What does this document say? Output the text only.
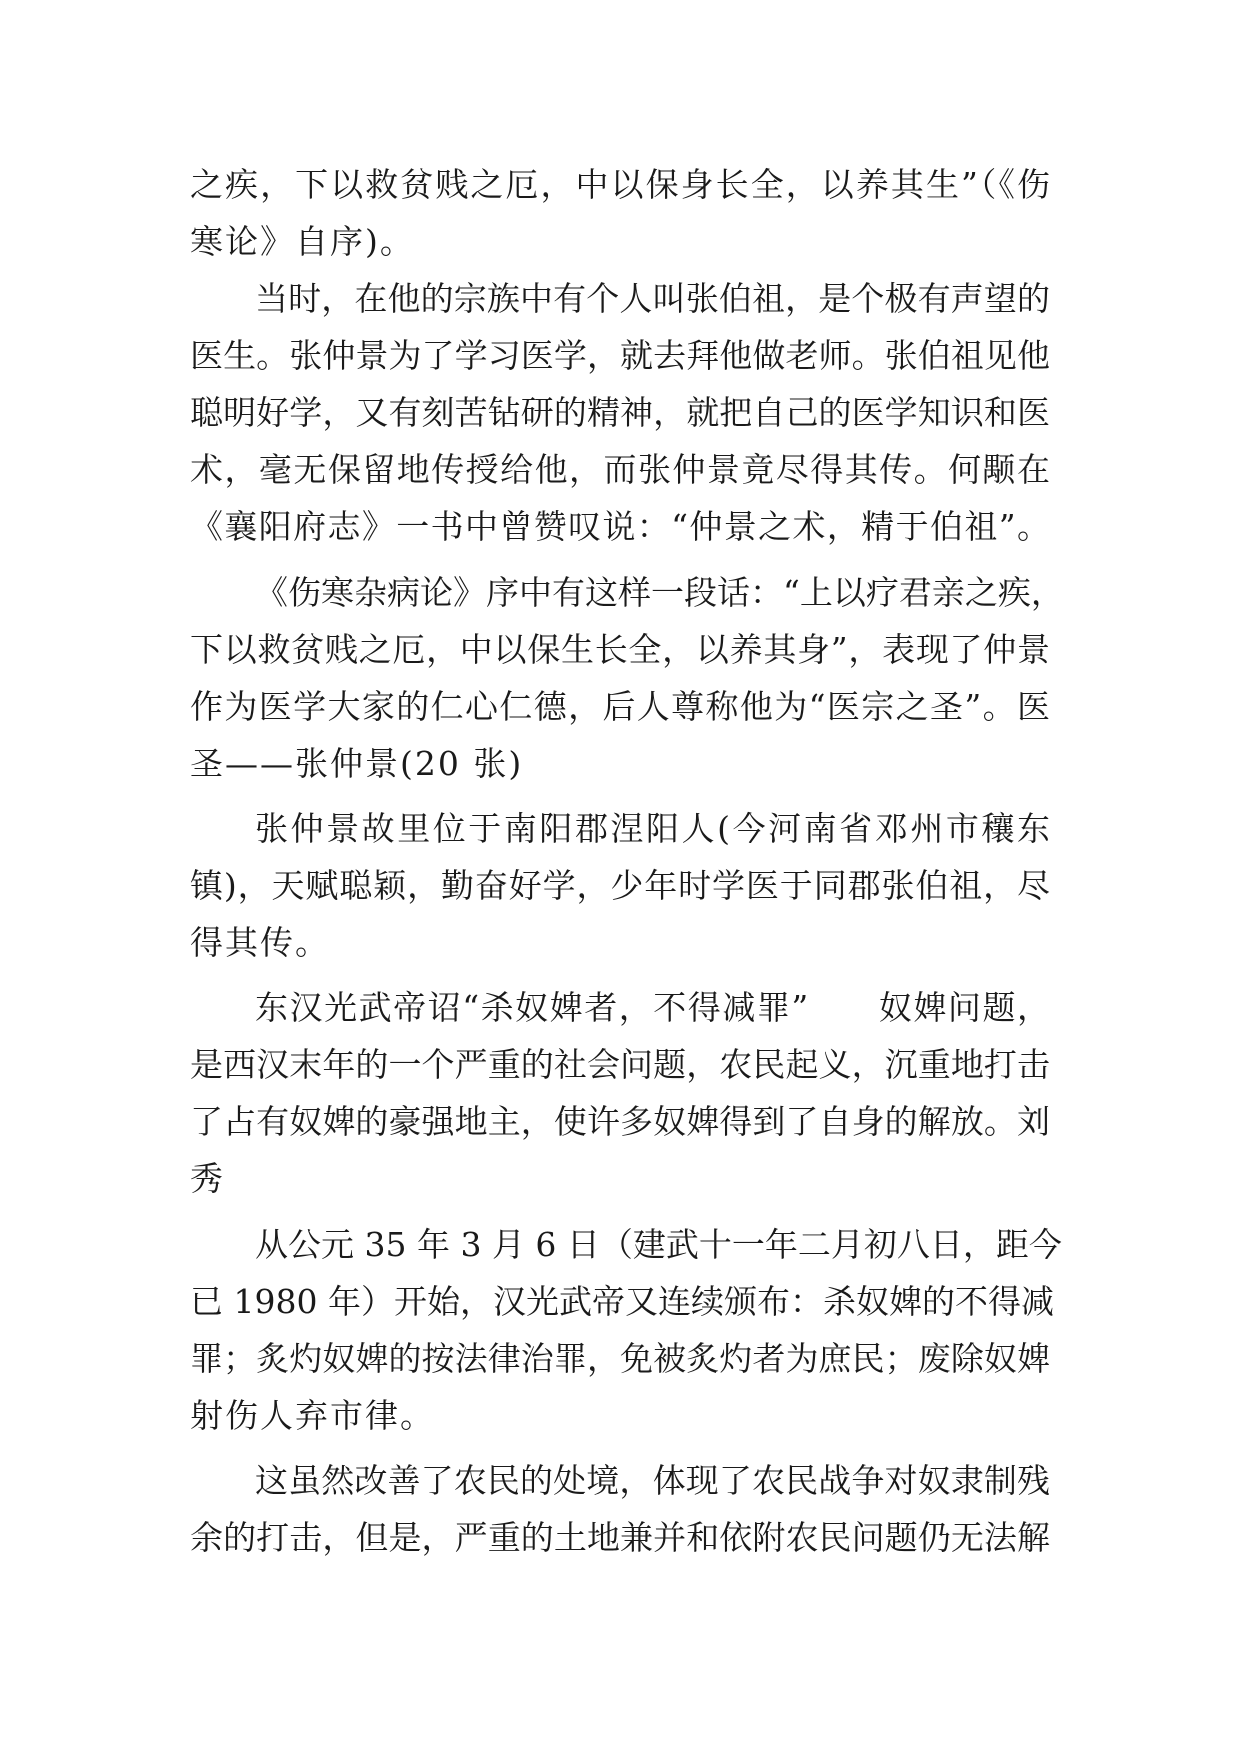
之疾，下以救贫贱之厄，中以保身长全，以养其生”（《伤
寒论》自序)。
当时，在他的宗族中有个人叫张伯祖，是个极有声望的
医生。张仲景为了学习医学，就去拜他做老师。张伯祖见他
聪明好学，又有刻苦钻研的精神，就把自己的医学知识和医
术，毫无保留地传授给他，而张仲景竟尽得其传。何颙在
《襄阳府志》一书中曾赞叹说：“仲景之术，精于伯祖”。
《伤寒杂病论》序中有这样一段话：“上以疗君亲之疾，
下以救贫贱之厄，中以保生长全，以养其身”，表现了仲景
作为医学大家的仁心仁德，后人尊称他为“医宗之圣”。医
圣——张仲景(20 张)
张仲景故里位于南阳郡涅阳人(今河南省邓州市穰东
镇)，天赋聪颖，勤奋好学，少年时学医于同郡张伯祖，尽
得其传。
东汉光武帝诏“杀奴婢者，不得减罪”　　奴婢问题，
是西汉末年的一个严重的社会问题，农民起义，沉重地打击
了占有奴婢的豪强地主，使许多奴婢得到了自身的解放。刘
秀
从公元 35 年 3 月 6 日（建武十一年二月初八日，距今
已 1980 年）开始，汉光武帝又连续颁布：杀奴婢的不得减
罪；炙灼奴婢的按法律治罪，免被炙灼者为庶民；废除奴婢
射伤人弃市律。
这虽然改善了农民的处境，体现了农民战争对奴隶制残
余的打击，但是，严重的土地兼并和依附农民问题仍无法解
